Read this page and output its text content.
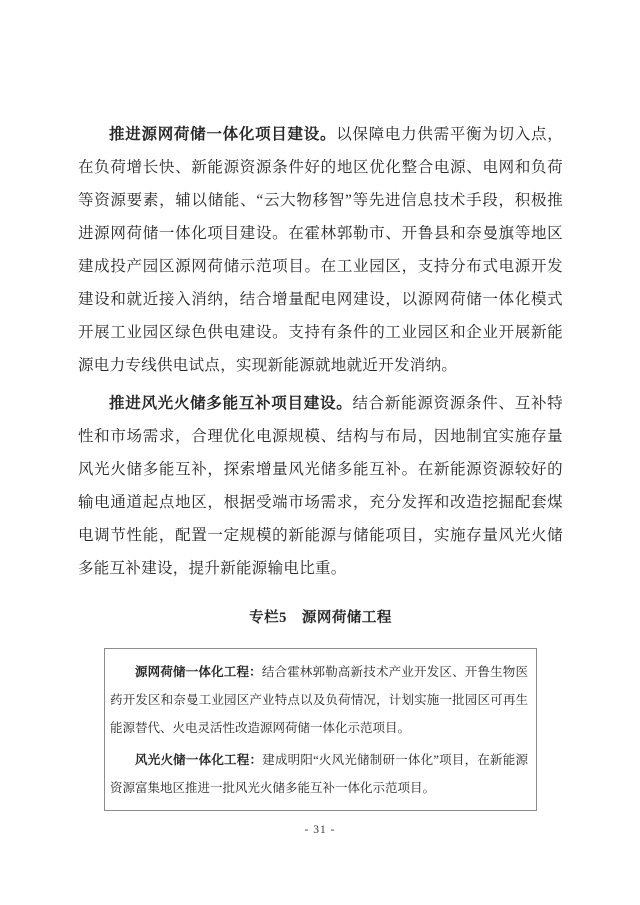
推进源网荷储一体化项目建设。以保障电力供需平衡为切入点，在负荷增长快、新能源资源条件好的地区优化整合电源、电网和负荷等资源要素，辅以储能、“云大物移智”等先进信息技术手段，积极推进源网荷储一体化项目建设。在霍林郭勒市、开鲁县和奈曼旗等地区建成投产园区源网荷储示范项目。在工业园区，支持分布式电源开发建设和就近接入消纳，结合增量配电网建设，以源网荷储一体化模式开展工业园区绿色供电建设。支持有条件的工业园区和企业开展新能源电力专线供电试点，实现新能源就地就近开发消纳。

推进风光火储多能互补项目建设。结合新能源资源条件、互补特性和市场需求，合理优化电源规模、结构与布局，因地制宜实施存量风光火储多能互补，探索增量风光储多能互补。在新能源资源较好的输电通道起点地区，根据受端市场需求，充分发挥和改造挖掘配套煤电调节性能，配置一定规模的新能源与储能项目，实施存量风光火储多能互补建设，提升新能源输电比重。

专栏5　源网荷储工程

源网荷储一体化工程：结合霍林郭勒高新技术产业开发区、开鲁生物医药开发区和奈曼工业园区产业特点以及负荷情况，计划实施一批园区可再生能源替代、火电灵活性改造源网荷储一体化示范项目。

风光火储一体化工程：建成明阳“火风光储制研一体化”项目，在新能源资源富集地区推进一批风光火储多能互补一体化示范项目。

- 31 -
